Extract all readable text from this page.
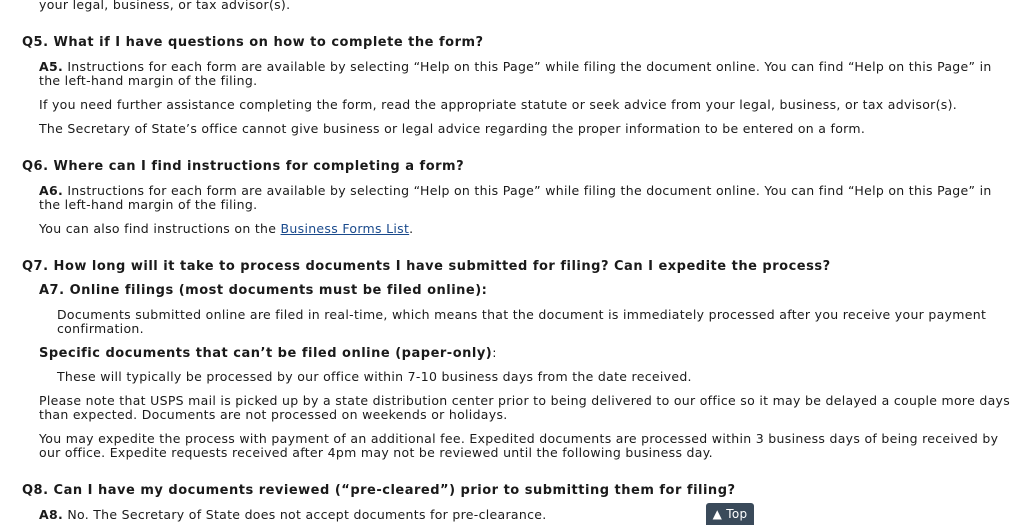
your legal, business, or tax advisor(s).
Q5. What if I have questions on how to complete the form?
A5. Instructions for each form are available by selecting “Help on this Page” while filing the document online. You can find “Help on this Page” in
the left-hand margin of the filing.
If you need further assistance completing the form, read the appropriate statute or seek advice from your legal, business, or tax advisor(s).
The Secretary of State’s office cannot give business or legal advice regarding the proper information to be entered on a form.
Q6. Where can I find instructions for completing a form?
A6. Instructions for each form are available by selecting “Help on this Page” while filing the document online. You can find “Help on this Page” in
the left-hand margin of the filing.
You can also find instructions on the Business Forms List.
Q7. How long will it take to process documents I have submitted for filing? Can I expedite the process?
A7. Online filings (most documents must be filed online):
Documents submitted online are filed in real-time, which means that the document is immediately processed after you receive your payment
confirmation.
Specific documents that can’t be filed online (paper-only):
These will typically be processed by our office within 7-10 business days from the date received.
Please note that USPS mail is picked up by a state distribution center prior to being delivered to our office so it may be delayed a couple more days
than expected. Documents are not processed on weekends or holidays.
You may expedite the process with payment of an additional fee. Expedited documents are processed within 3 business days of being received by
our office. Expedite requests received after 4pm may not be reviewed until the following business day.
Q8. Can I have my documents reviewed (“pre-cleared”) prior to submitting them for filing?
A8. No. The Secretary of State does not accept documents for pre-clearance.	▲ Top
